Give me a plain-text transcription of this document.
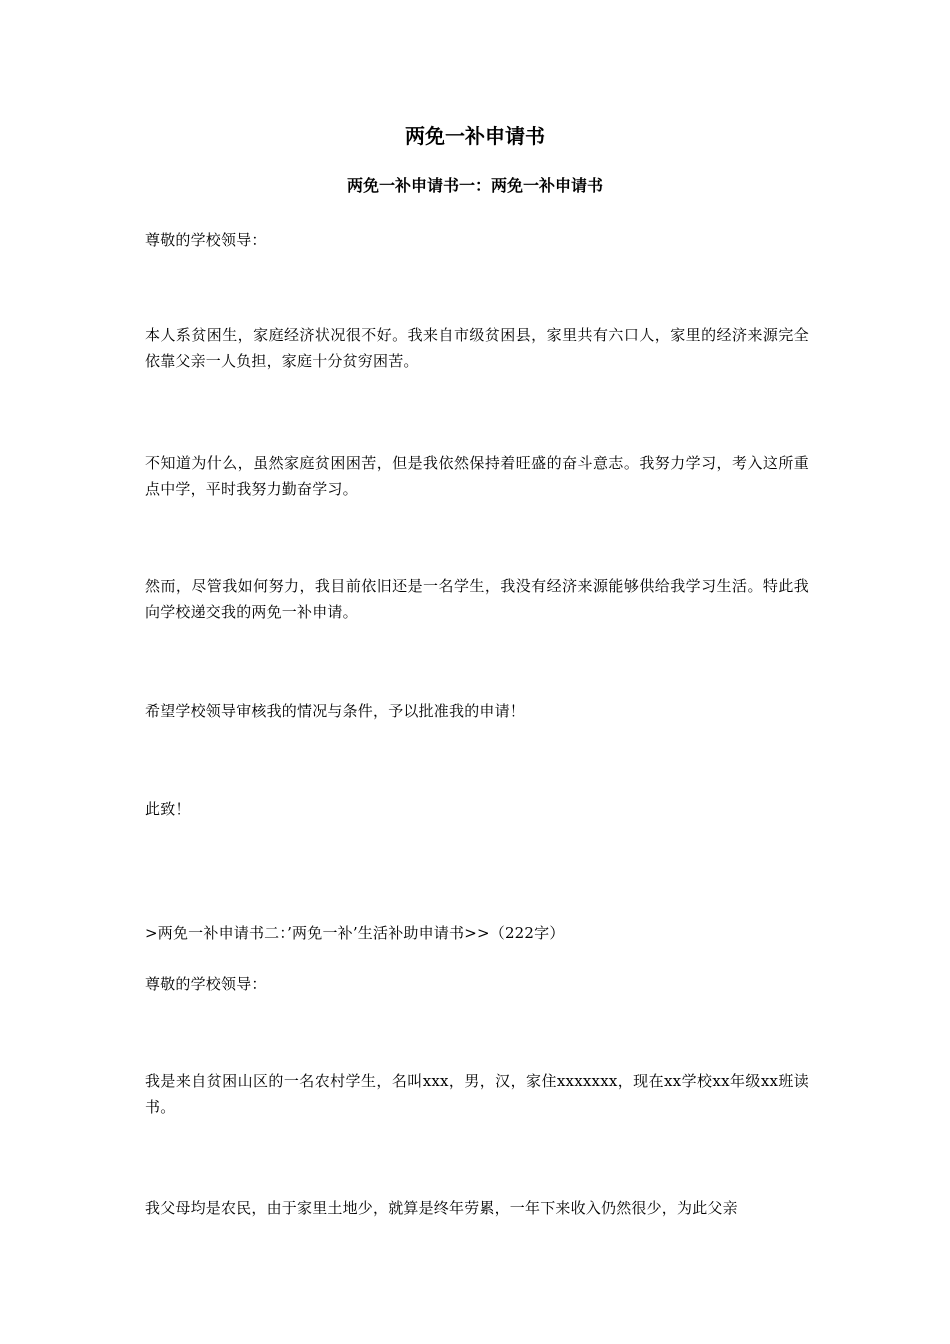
两免一补申请书
两免一补申请书一：两免一补申请书

尊敬的学校领导：

本人系贫困生，家庭经济状况很不好。我来自市级贫困县，家里共有六口人，家里的经济来源完全依靠父亲一人负担，家庭十分贫穷困苦。

不知道为什么，虽然家庭贫困困苦，但是我依然保持着旺盛的奋斗意志。我努力学习，考入这所重点中学，平时我努力勤奋学习。

然而，尽管我如何努力，我目前依旧还是一名学生，我没有经济来源能够供给我学习生活。特此我向学校递交我的两免一补申请。

希望学校领导审核我的情况与条件，予以批准我的申请！

此致！

>两免一补申请书二：’两免一补’生活补助申请书>>（222字）

尊敬的学校领导：

我是来自贫困山区的一名农村学生，名叫xxx，男，汉，家住xxxxxxx，现在xx学校xx年级xx班读书。

我父母均是农民，由于家里土地少，就算是终年劳累，一年下来收入仍然很少，为此父亲
